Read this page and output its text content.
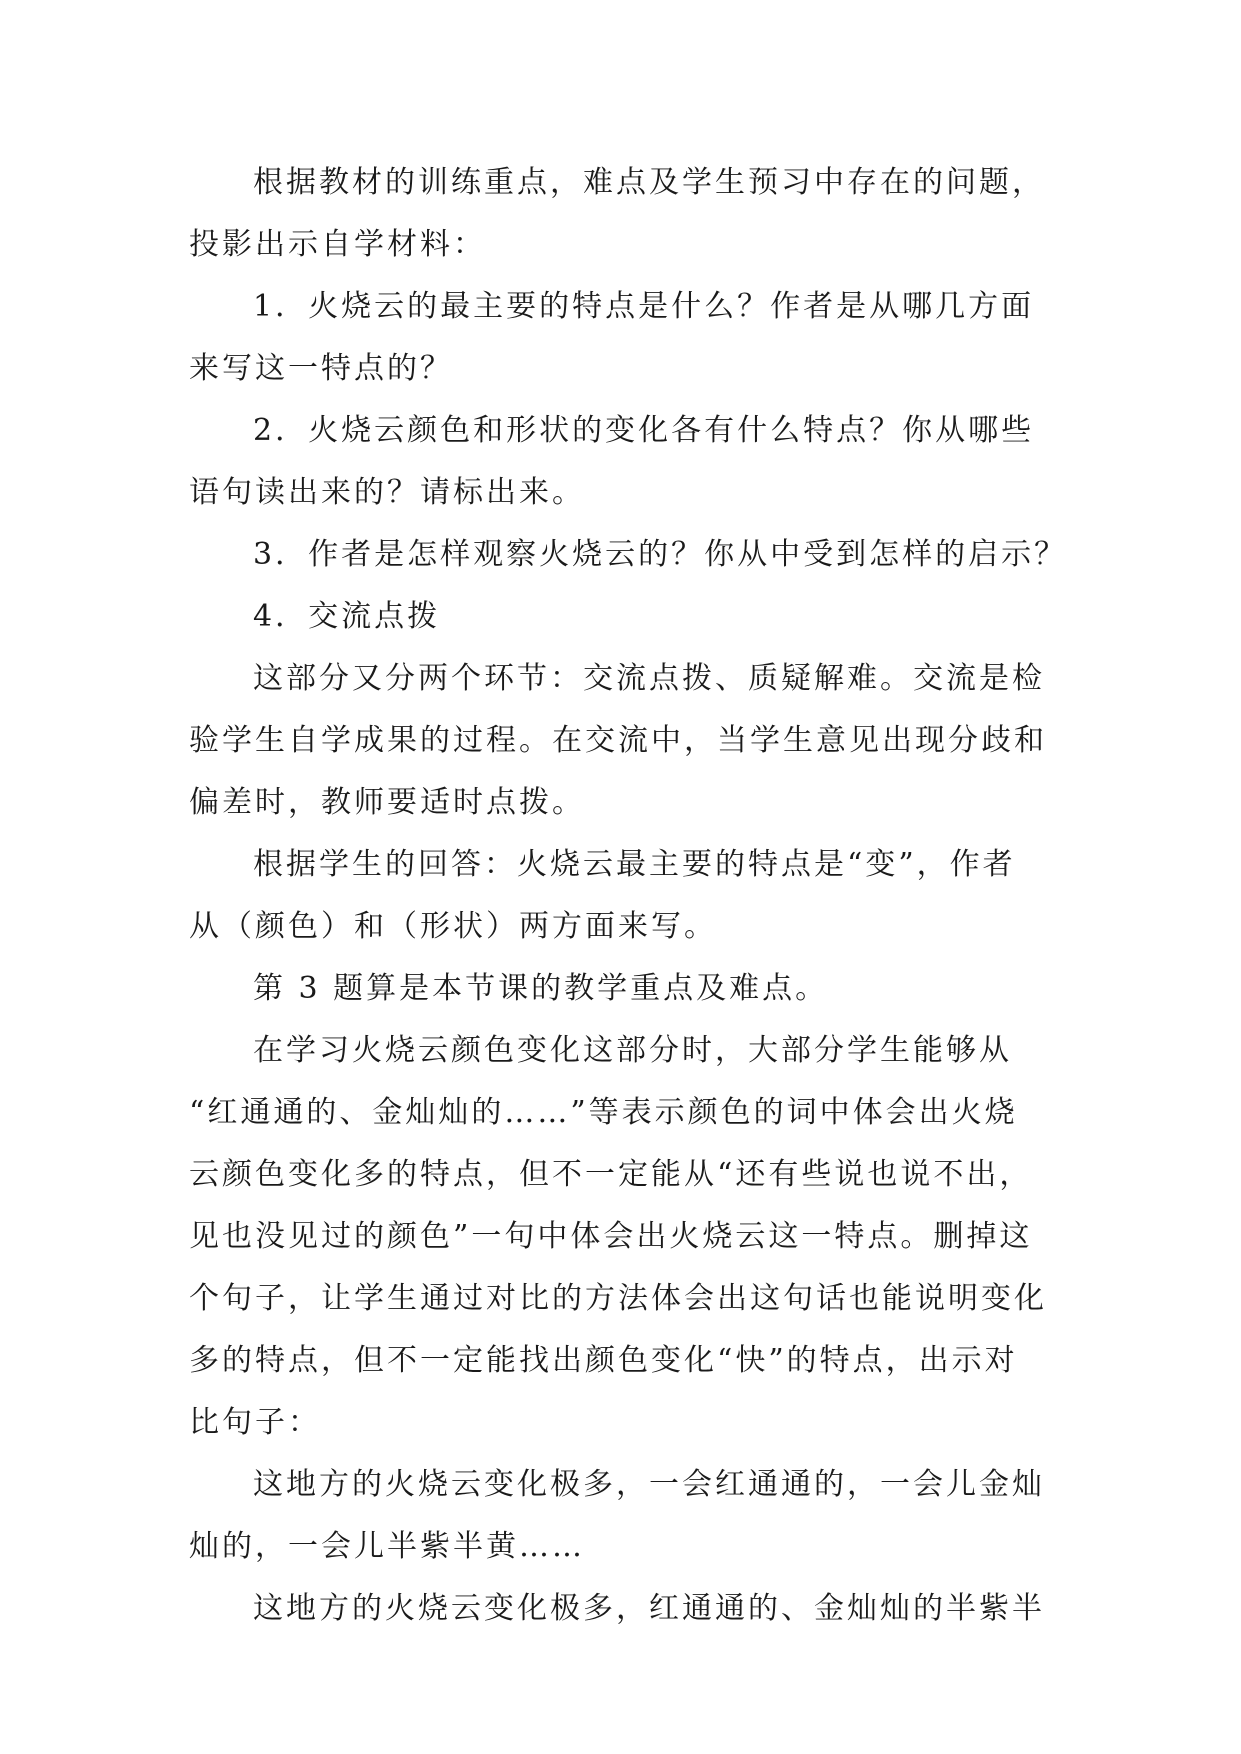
根据教材的训练重点，难点及学生预习中存在的问题，
投影出示自学材料：
1．火烧云的最主要的特点是什么？作者是从哪几方面
来写这一特点的？
2．火烧云颜色和形状的变化各有什么特点？你从哪些
语句读出来的？请标出来。
3．作者是怎样观察火烧云的？你从中受到怎样的启示？
4．交流点拨
这部分又分两个环节：交流点拨、质疑解难。交流是检
验学生自学成果的过程。在交流中，当学生意见出现分歧和
偏差时，教师要适时点拨。
根据学生的回答：火烧云最主要的特点是“变”，作者
从（颜色）和（形状）两方面来写。
第 3 题算是本节课的教学重点及难点。
在学习火烧云颜色变化这部分时，大部分学生能够从
“红通通的、金灿灿的……”等表示颜色的词中体会出火烧
云颜色变化多的特点，但不一定能从“还有些说也说不出，
见也没见过的颜色”一句中体会出火烧云这一特点。删掉这
个句子，让学生通过对比的方法体会出这句话也能说明变化
多的特点，但不一定能找出颜色变化“快”的特点，出示对
比句子：
这地方的火烧云变化极多，一会红通通的，一会儿金灿
灿的，一会儿半紫半黄……
这地方的火烧云变化极多，红通通的、金灿灿的半紫半
